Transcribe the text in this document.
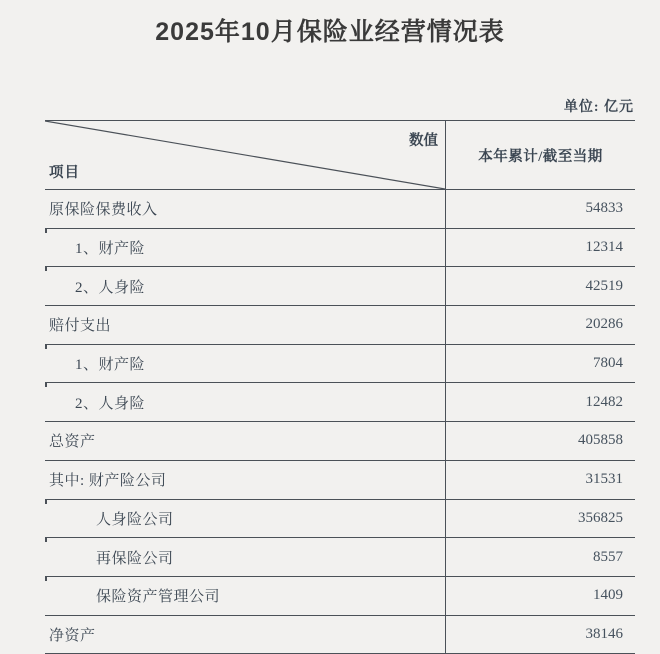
2025年10月保险业经营情况表
单位: 亿元
数值
项目
本年累计/截至当期
原保险保费收入	54833
1、财产险	12314
2、人身险	42519
赔付支出	20286
1、财产险	7804
2、人身险	12482
总资产	405858
其中: 财产险公司	31531
人身险公司	356825
再保险公司	8557
保险资产管理公司	1409
净资产	38146
